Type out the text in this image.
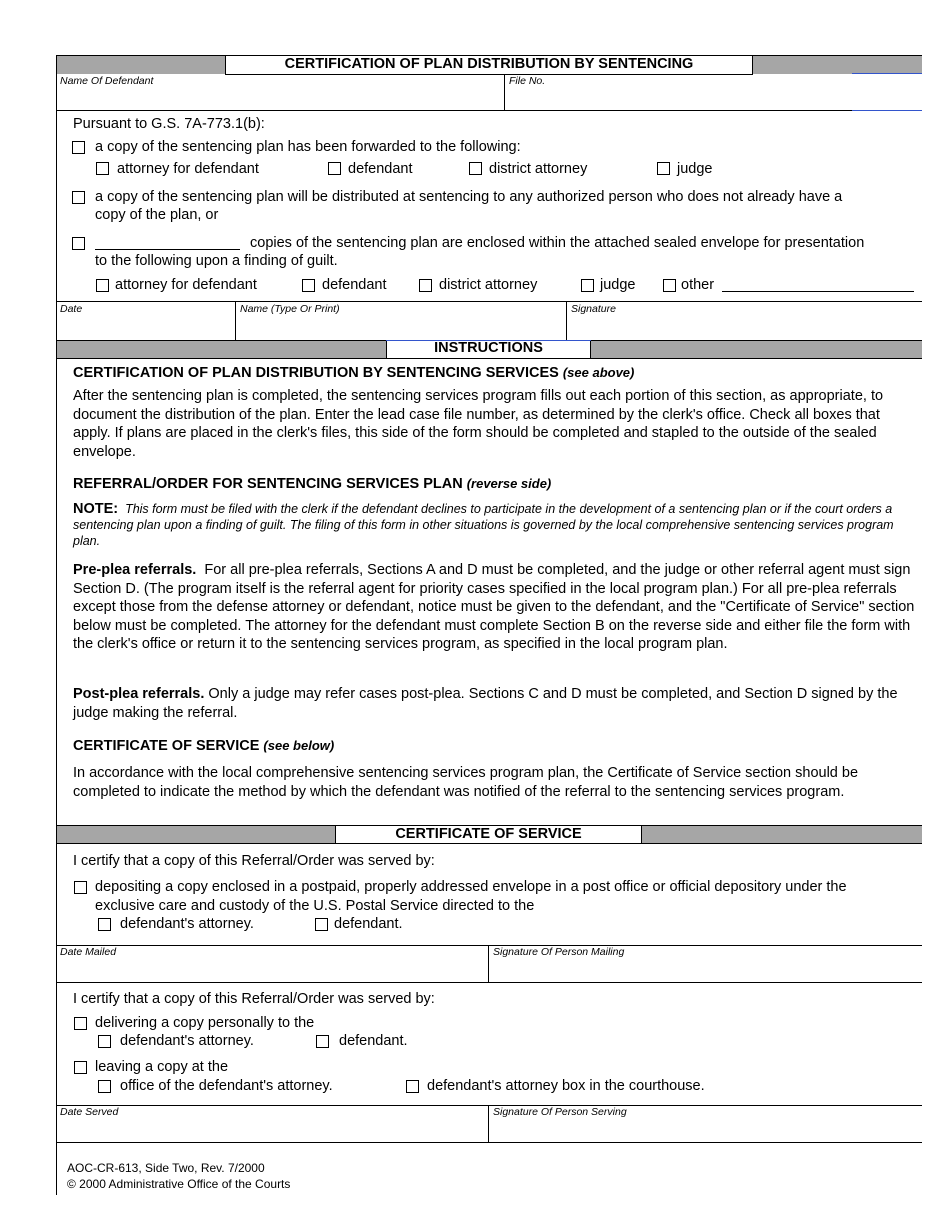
CERTIFICATION OF PLAN DISTRIBUTION BY SENTENCING
Name Of Defendant	File No.
Pursuant to G.S. 7A-773.1(b):
a copy of the sentencing plan has been forwarded to the following:
attorney for defendant	defendant	district attorney	judge
a copy of the sentencing plan will be distributed at sentencing to any authorized person who does not already have a
copy of the plan, or
copies of the sentencing plan are enclosed within the attached sealed envelope for presentation
to the following upon a finding of guilt.
attorney for defendant	defendant	district attorney	judge	other
Date	Name (Type Or Print)	Signature
INSTRUCTIONS
CERTIFICATION OF PLAN DISTRIBUTION BY SENTENCING SERVICES (see above)
After the sentencing plan is completed, the sentencing services program fills out each portion of this section, as appropriate, to document the distribution of the plan. Enter the lead case file number, as determined by the clerk's office. Check all boxes that apply. If plans are placed in the clerk's files, this side of the form should be completed and stapled to the outside of the sealed envelope.
REFERRAL/ORDER FOR SENTENCING SERVICES PLAN (reverse side)
NOTE: This form must be filed with the clerk if the defendant declines to participate in the development of a sentencing plan or if the court orders a sentencing plan upon a finding of guilt. The filing of this form in other situations is governed by the local comprehensive sentencing services program plan.
Pre-plea referrals. For all pre-plea referrals, Sections A and D must be completed, and the judge or other referral agent must sign Section D. (The program itself is the referral agent for priority cases specified in the local program plan.) For all pre-plea referrals except those from the defense attorney or defendant, notice must be given to the defendant, and the "Certificate of Service" section below must be completed. The attorney for the defendant must complete Section B on the reverse side and either file the form with the clerk's office or return it to the sentencing services program, as specified in the local program plan.
Post-plea referrals. Only a judge may refer cases post-plea. Sections C and D must be completed, and Section D signed by the judge making the referral.
CERTIFICATE OF SERVICE (see below)
In accordance with the local comprehensive sentencing services program plan, the Certificate of Service section should be completed to indicate the method by which the defendant was notified of the referral to the sentencing services program.
CERTIFICATE OF SERVICE
I certify that a copy of this Referral/Order was served by:
depositing a copy enclosed in a postpaid, properly addressed envelope in a post office or official depository under the
exclusive care and custody of the U.S. Postal Service directed to the
defendant's attorney.	defendant.
Date Mailed	Signature Of Person Mailing
I certify that a copy of this Referral/Order was served by:
delivering a copy personally to the
defendant's attorney.	defendant.
leaving a copy at the
office of the defendant's attorney.	defendant's attorney box in the courthouse.
Date Served	Signature Of Person Serving
AOC-CR-613, Side Two, Rev. 7/2000
© 2000 Administrative Office of the Courts
